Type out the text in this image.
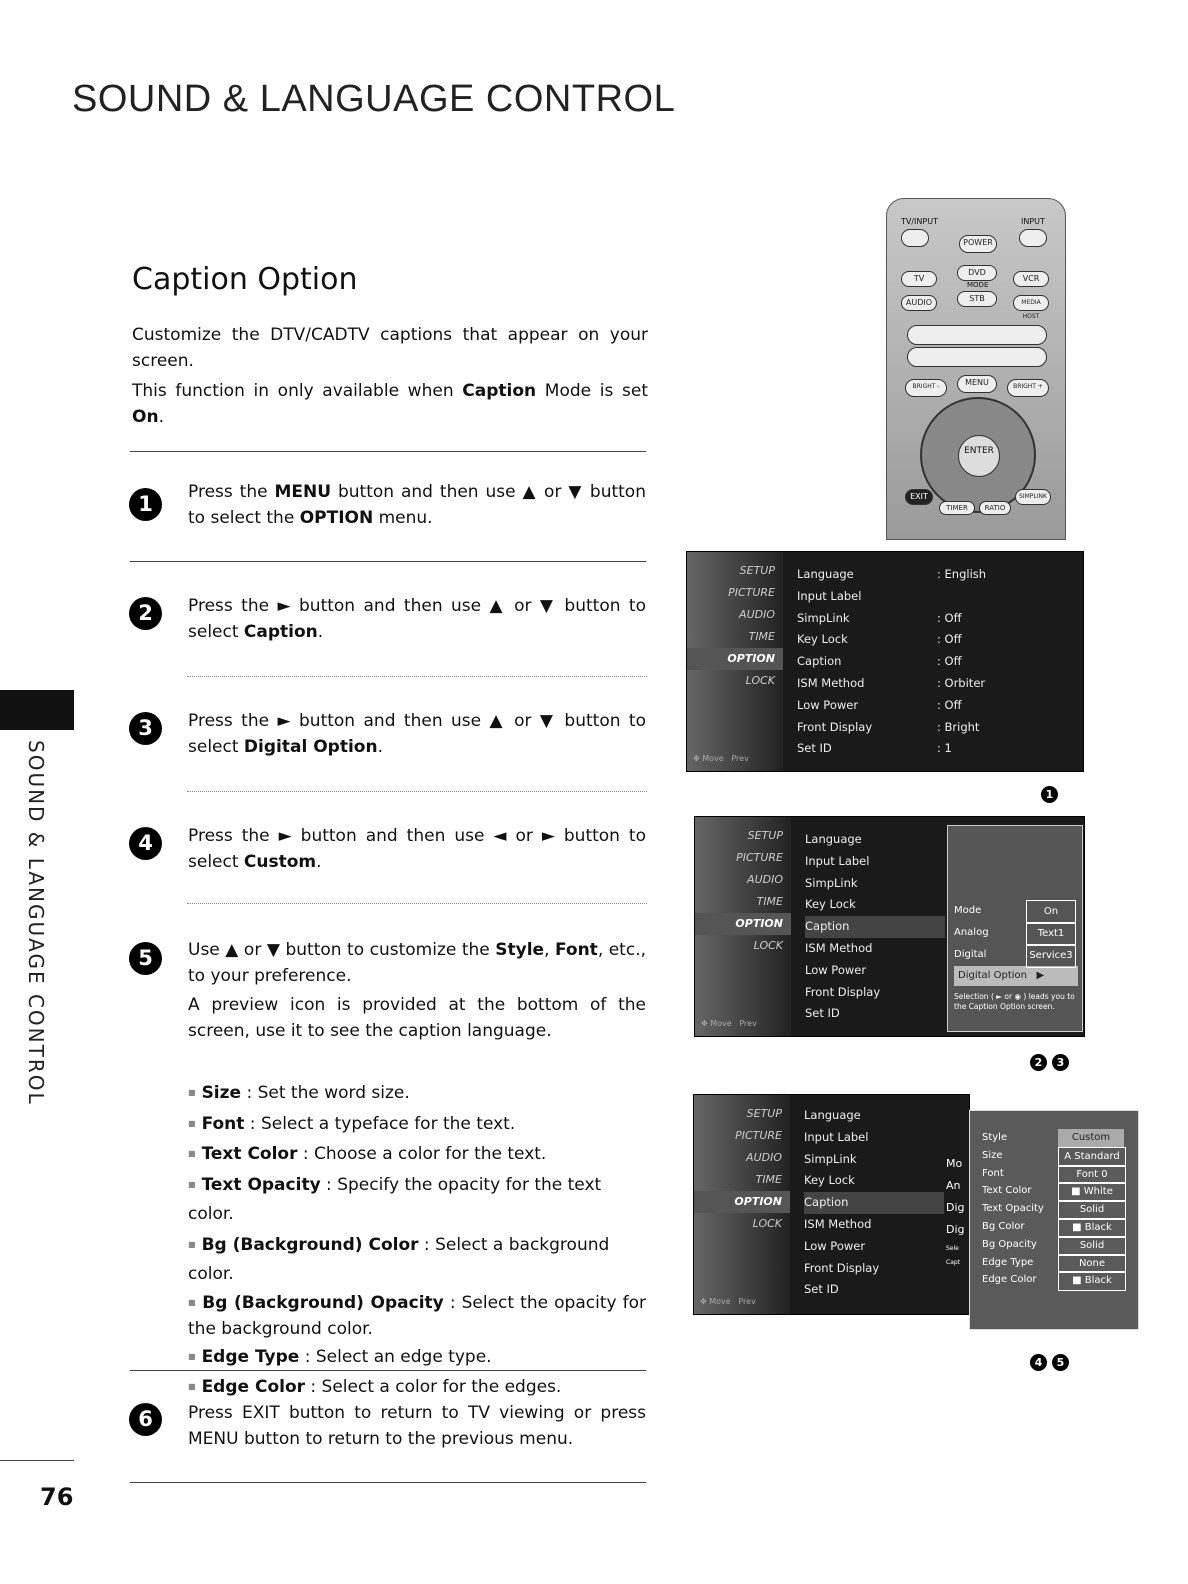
SOUND & LANGUAGE CONTROL
SOUND & LANGUAGE CONTROL
76
Caption Option

Customize the DTV/CADTV captions that appear on your screen.

This function in only available when Caption Mode is set On.

1	Press the MENU button and then use ▲ or ▼ button to select the OPTION menu.

2	Press the ► button and then use ▲ or ▼ button to select Caption.

3	Press the ► button and then use ▲ or ▼ button to select Digital Option.

4	Press the ► button and then use ◄ or ► button to select Custom.

5	Use ▲ or ▼ button to customize the Style, Font, etc., to your preference.

A preview icon is provided at the bottom of the screen, use it to see the caption language.

■ Size : Set the word size.
■ Font : Select a typeface for the text.
■ Text Color : Choose a color for the text.
■ Text Opacity : Specify the opacity for the text color.
■ Bg (Background) Color : Select a background color.
■ Bg (Background) Opacity : Select the opacity for the background color.
■ Edge Type : Select an edge type.
■ Edge Color : Select a color for the edges.
6	Press EXIT button to return to TV viewing or press MENU button to return to the previous menu.

TV/INPUT
POWER
INPUT
TV
DVD
MODE
VCR
AUDIO	STB	MEDIA HOST
BRIGHT -	MENU	BRIGHT +
ENTER
EXIT
TIMER	RATIO
SIMPLINK
SETUP
PICTURE
AUDIO
TIME
OPTION
LOCK
✥ Move Prev
Language	: English
Input Label
SimpLink	: Off
Key Lock	: Off
Caption	: Off
ISM Method	: Orbiter
Low Power	: Off
Front Display	: Bright
Set ID	: 1
1
SETUP
PICTURE
AUDIO
TIME
OPTION
LOCK
✥ Move Prev
Language
Input Label
SimpLink
Key Lock
Caption
ISM Method
Low Power
Front Display
Set ID
Mode	On
Analog	Text1
Digital	Service3
Digital Option   ▶
Selection ( ► or ◉ ) leads you to the Caption Option screen.
2 3
SETUP
PICTURE
AUDIO
TIME
OPTION
LOCK
✥ Move Prev
Language
Input Label
SimpLink
Key Lock
Caption
ISM Method
Low Power
Front Display
Set ID
Mo
An
Dig
Dig
Sele
Capt
Style	Custom
Size	A Standard
Font	Font 0
Text Color	■ White
Text Opacity	Solid
Bg Color	■ Black
Bg Opacity	Solid
Edge Type	None
Edge Color	■ Black
4 5
